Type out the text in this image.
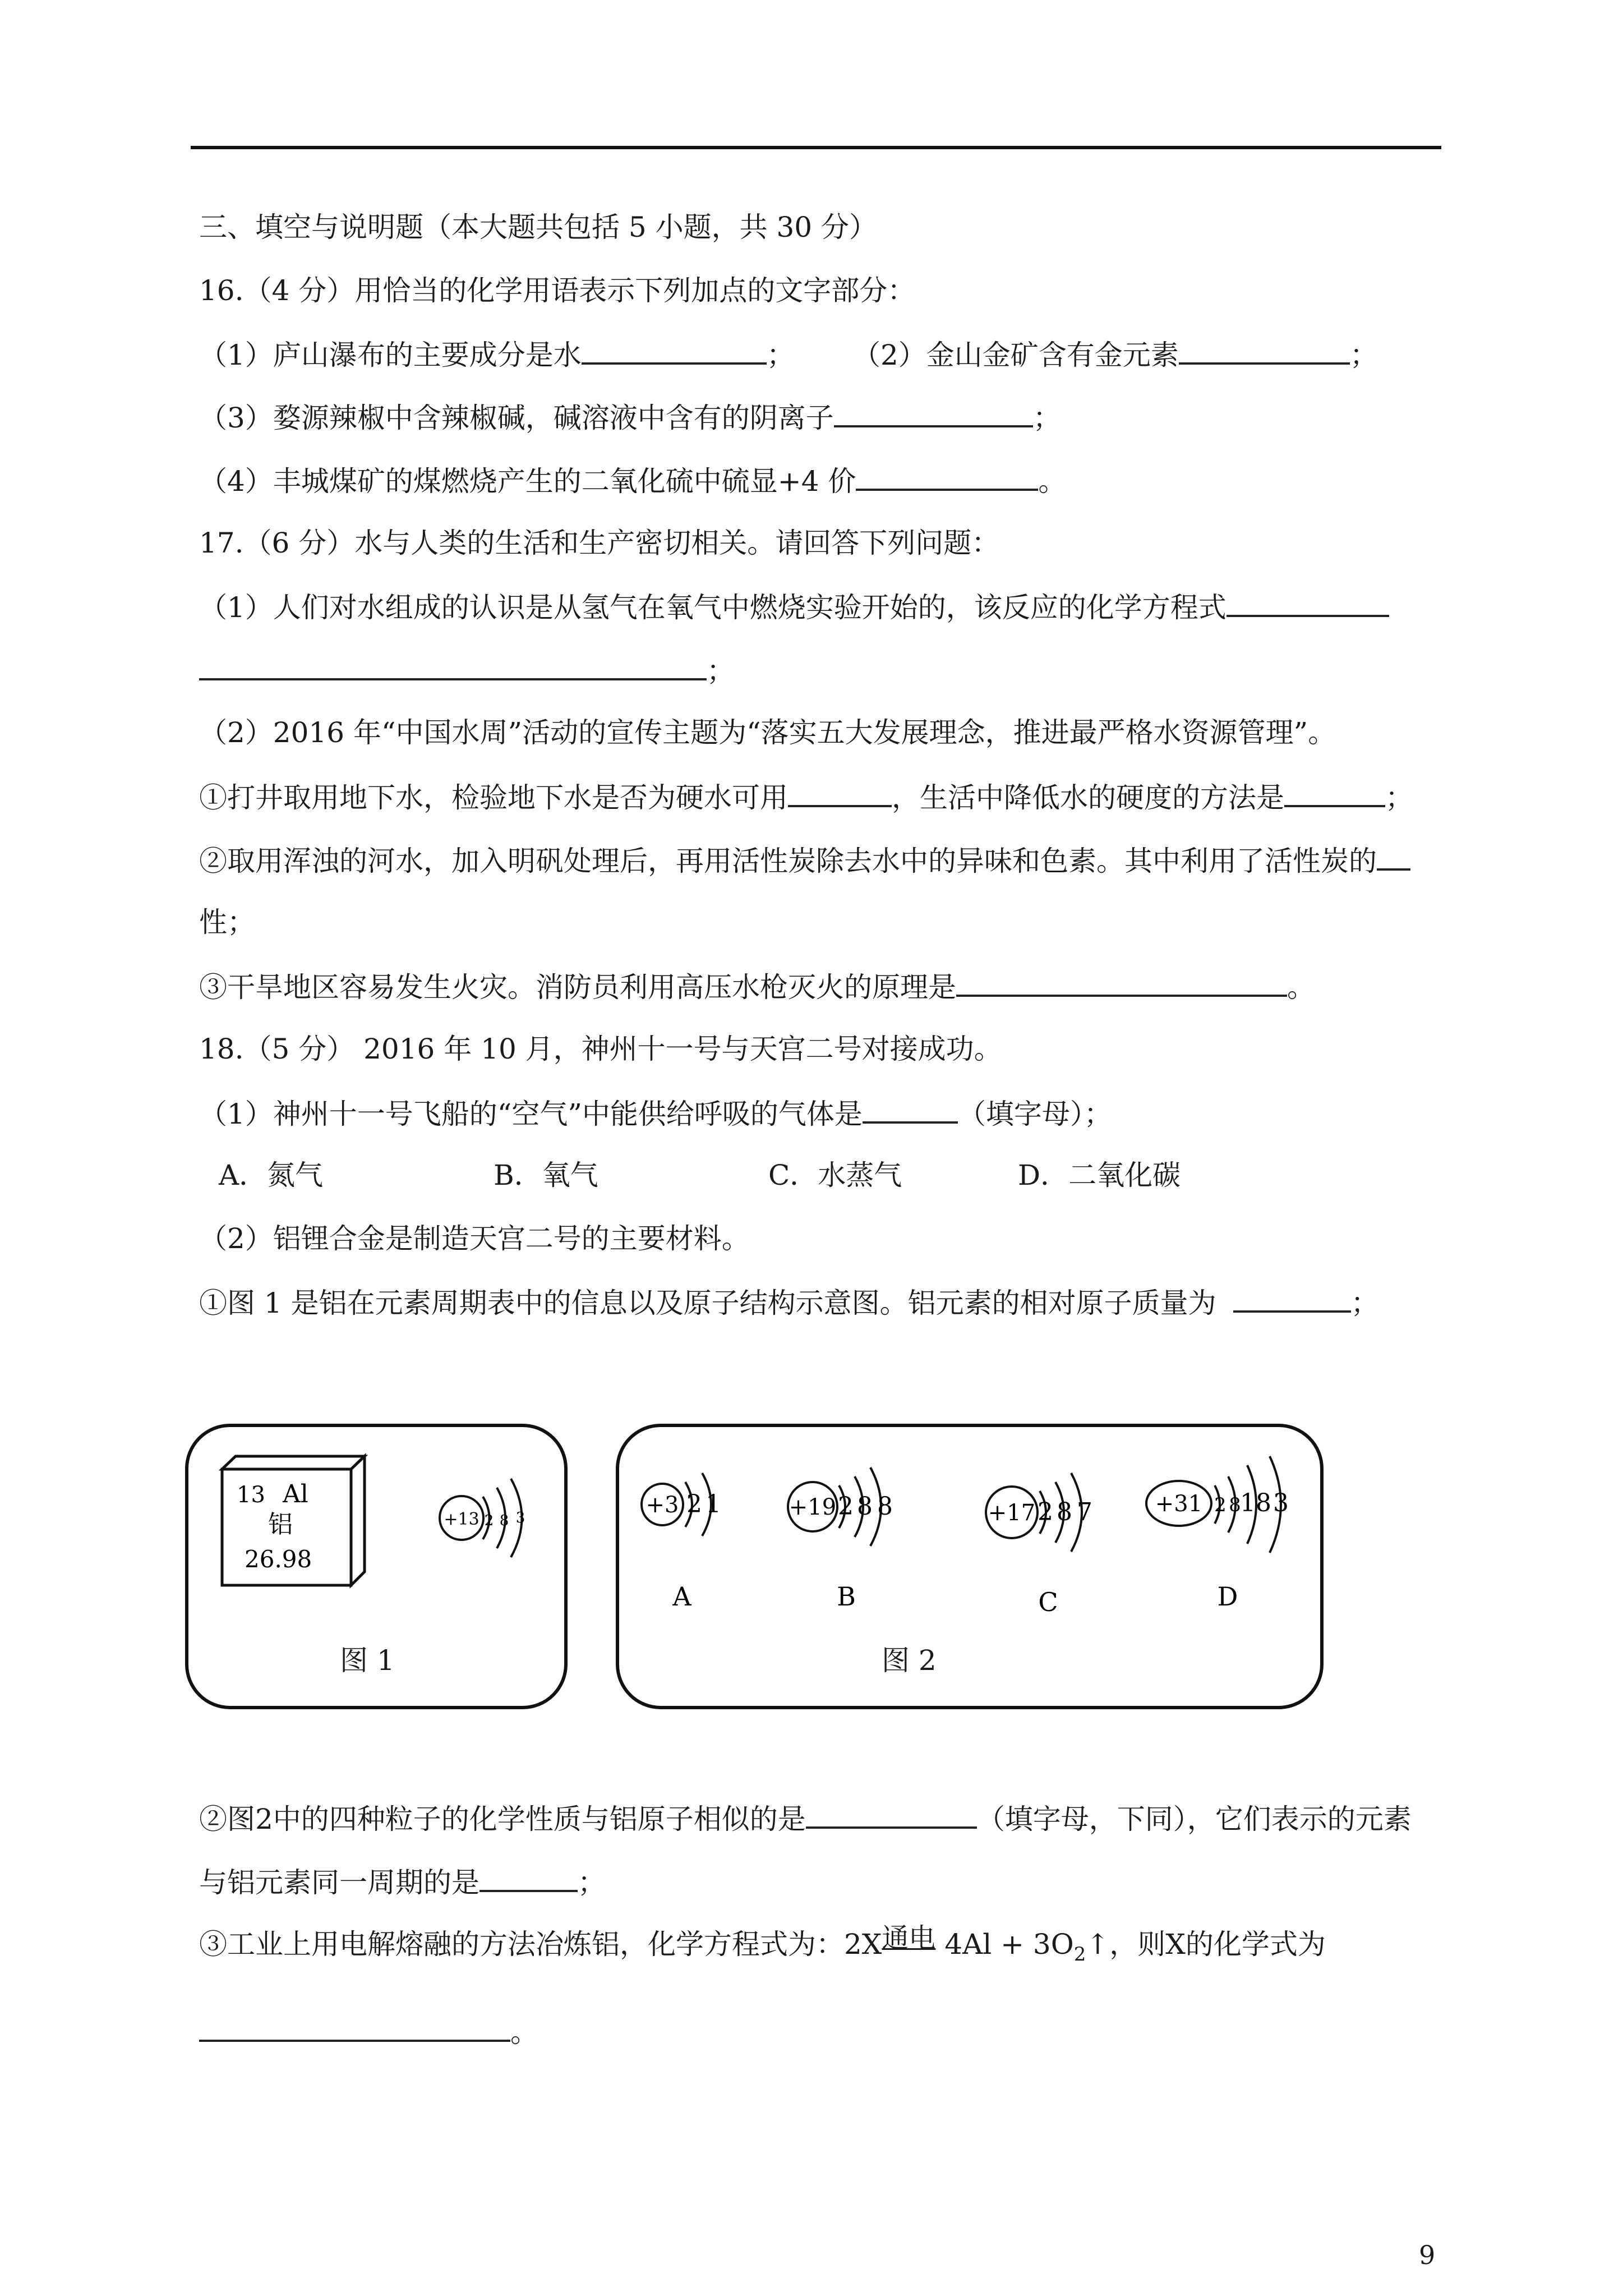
三、填空与说明题（本大题共包括 5 小题，共 30 分）
16.（4 分）用恰当的化学用语表示下列加点的文字部分：
（1）庐山瀑布的主要成分是水	； （2）金山金矿含有金元素	；
（3）婺源辣椒中含辣椒碱，碱溶液中含有的阴离子	；
（4）丰城煤矿的煤燃烧产生的二氧化硫中硫显+4 价	。
17.（6 分）水与人类的生活和生产密切相关。请回答下列问题：
（1）人们对水组成的认识是从氢气在氧气中燃烧实验开始的，该反应的化学方程式
；
（2）2016 年“中国水周”活动的宣传主题为“落实五大发展理念，推进最严格水资源管理”。
①打井取用地下水，检验地下水是否为硬水可用	，生活中降低水的硬度的方法是	；
②取用浑浊的河水，加入明矾处理后，再用活性炭除去水中的异味和色素。其中利用了活性炭的
性；
③干旱地区容易发生火灾。消防员利用高压水枪灭火的原理是	。
18.（5 分） 2016 年 10 月，神州十一号与天宫二号对接成功。
（1）神州十一号飞船的“空气”中能供给呼吸的气体是	（填字母）；
A．氮气	B．氧气	C．水蒸气	D．二氧化碳
（2）铝锂合金是制造天宫二号的主要材料。
①图 1 是铝在元素周期表中的信息以及原子结构示意图。铝元素的相对原子质量为	；
13 Al
铝
26.98
+13 2 8 3
图 1
+3 2 1
A
+19 2 8 8
B
+17 2 8 7
C
+31 2 8
18 3
D
图 2
②图2中的四种粒子的化学性质与铝原子相似的是	（填字母，下同），它们表示的元素
与铝元素同一周期的是	；
③工业上用电解熔融的方法冶炼铝，化学方程式为：2X通电 $4Al + 3O_2↑$，则X的化学式为
。
9
